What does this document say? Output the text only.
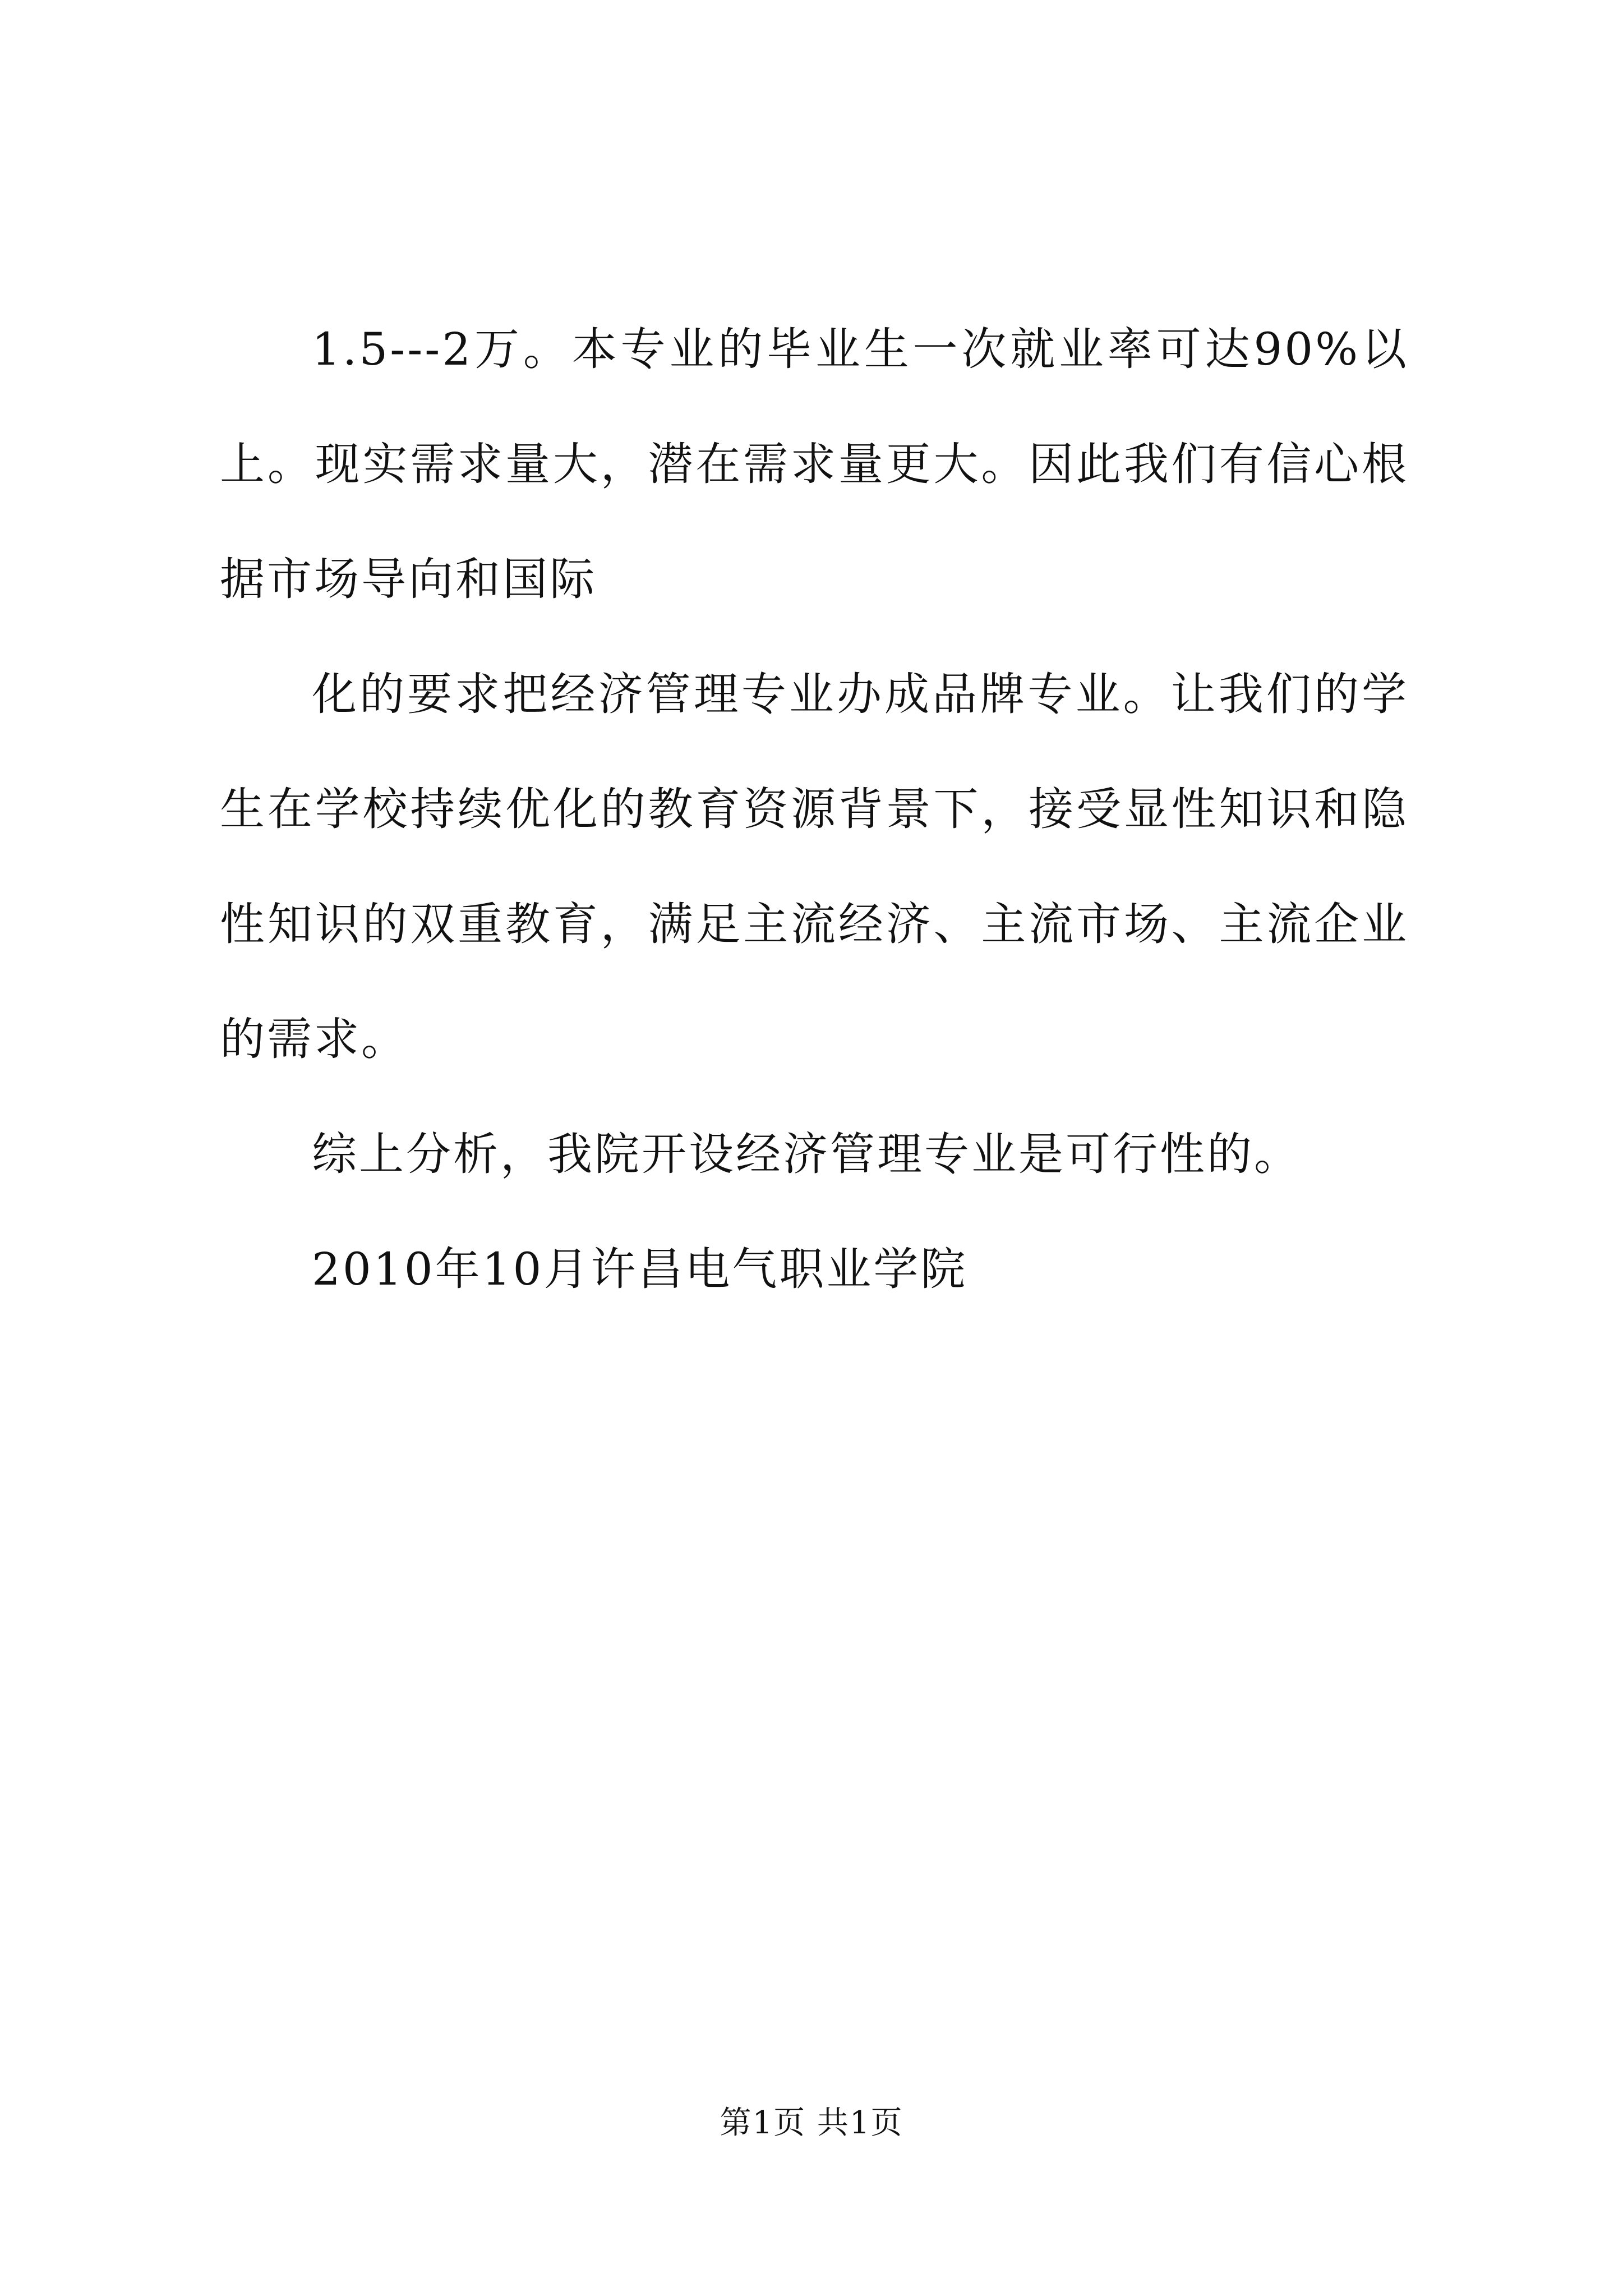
1.5---2万。本专业的毕业生一次就业率可达90%以上。现实需求量大，潜在需求量更大。因此我们有信心根据市场导向和国际

化的要求把经济管理专业办成品牌专业。让我们的学生在学校持续优化的教育资源背景下，接受显性知识和隐性知识的双重教育，满足主流经济、主流市场、主流企业的需求。

综上分析，我院开设经济管理专业是可行性的。

2010年10月许昌电气职业学院

第1页 共1页
